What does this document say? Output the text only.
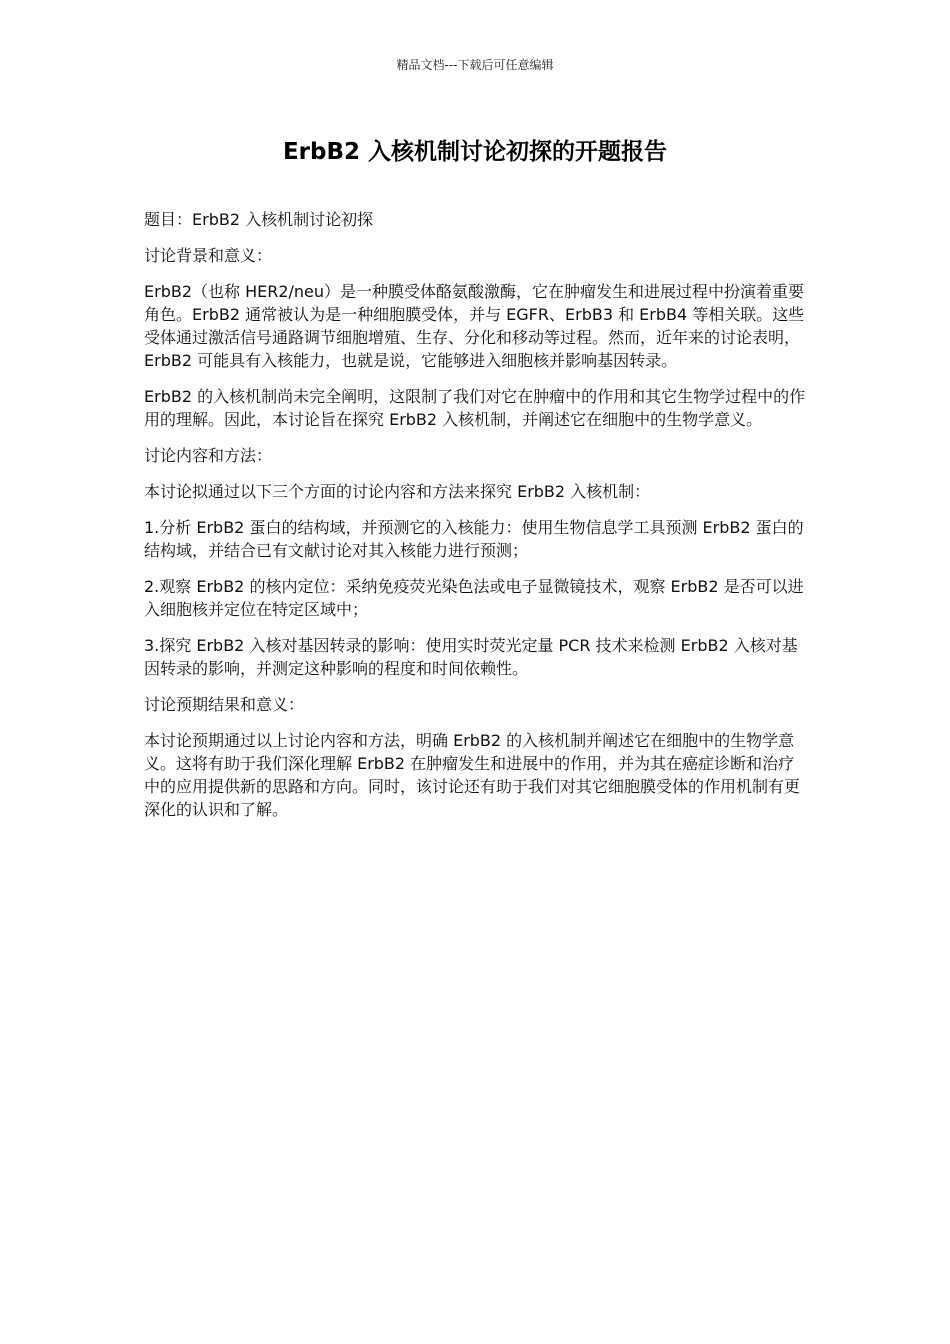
精品文档---下载后可任意编辑
ErbB2 入核机制讨论初探的开题报告

题目：ErbB2 入核机制讨论初探

讨论背景和意义：

ErbB2（也称 HER2/neu）是一种膜受体酪氨酸激酶，它在肿瘤发生和进展过程中扮演着重要角色。ErbB2 通常被认为是一种细胞膜受体，并与 EGFR、ErbB3 和 ErbB4 等相关联。这些受体通过激活信号通路调节细胞增殖、生存、分化和移动等过程。然而，近年来的讨论表明，ErbB2 可能具有入核能力，也就是说，它能够进入细胞核并影响基因转录。

ErbB2 的入核机制尚未完全阐明，这限制了我们对它在肿瘤中的作用和其它生物学过程中的作用的理解。因此，本讨论旨在探究 ErbB2 入核机制，并阐述它在细胞中的生物学意义。

讨论内容和方法：

本讨论拟通过以下三个方面的讨论内容和方法来探究 ErbB2 入核机制：

1.分析 ErbB2 蛋白的结构域，并预测它的入核能力：使用生物信息学工具预测 ErbB2 蛋白的结构域，并结合已有文献讨论对其入核能力进行预测；

2.观察 ErbB2 的核内定位：采纳免疫荧光染色法或电子显微镜技术，观察 ErbB2 是否可以进入细胞核并定位在特定区域中；

3.探究 ErbB2 入核对基因转录的影响：使用实时荧光定量 PCR 技术来检测 ErbB2 入核对基因转录的影响，并测定这种影响的程度和时间依赖性。

讨论预期结果和意义：

本讨论预期通过以上讨论内容和方法，明确 ErbB2 的入核机制并阐述它在细胞中的生物学意义。这将有助于我们深化理解 ErbB2 在肿瘤发生和进展中的作用，并为其在癌症诊断和治疗中的应用提供新的思路和方向。同时，该讨论还有助于我们对其它细胞膜受体的作用机制有更深化的认识和了解。
